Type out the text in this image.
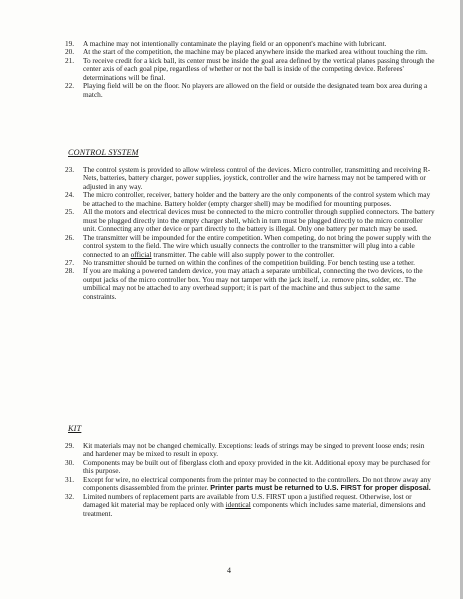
19. A machine may not intentionally contaminate the playing field or an opponent's machine with lubricant.
20. At the start of the competition, the machine may be placed anywhere inside the marked area without touching the rim.
21. To receive credit for a kick ball, its center must be inside the goal area defined by the vertical planes passing through the center axis of each goal pipe, regardless of whether or not the ball is inside of the competing device. Referees' determinations will be final.
22. Playing field will be on the floor. No players are allowed on the field or outside the designated team box area during a match.
CONTROL SYSTEM
23. The control system is provided to allow wireless control of the devices. Micro controller, transmitting and receiving R-Nets, batteries, battery charger, power supplies, joystick, controller and the wire harness may not be tampered with or adjusted in any way.
24. The micro controller, receiver, battery holder and the battery are the only components of the control system which may be attached to the machine. Battery holder (empty charger shell) may be modified for mounting purposes.
25. All the motors and electrical devices must be connected to the micro controller through supplied connectors. The battery must be plugged directly into the empty charger shell, which in turn must be plugged directly to the micro controller unit. Connecting any other device or part directly to the battery is illegal. Only one battery per match may be used.
26. The transmitter will be impounded for the entire competition. When competing, do not bring the power supply with the control system to the field. The wire which usually connects the controller to the transmitter will plug into a cable connected to an official transmitter. The cable will also supply power to the controller.
27. No transmitter should be turned on within the confines of the competition building. For bench testing use a tether.
28. If you are making a powered tandem device, you may attach a separate umbilical, connecting the two devices, to the output jacks of the micro controller box. You may not tamper with the jack itself, i.e. remove pins, solder, etc. The umbilical may not be attached to any overhead support; it is part of the machine and thus subject to the same constraints.
KIT
29. Kit materials may not be changed chemically. Exceptions: leads of strings may be singed to prevent loose ends; resin and hardener may be mixed to result in epoxy.
30. Components may be built out of fiberglass cloth and epoxy provided in the kit. Additional epoxy may be purchased for this purpose.
31. Except for wire, no electrical components from the printer may be connected to the controllers. Do not throw away any components disassembled from the printer. Printer parts must be returned to U.S. FIRST for proper disposal.
32. Limited numbers of replacement parts are available from U.S. FIRST upon a justified request. Otherwise, lost or damaged kit material may be replaced only with identical components which includes same material, dimensions and treatment.
4
